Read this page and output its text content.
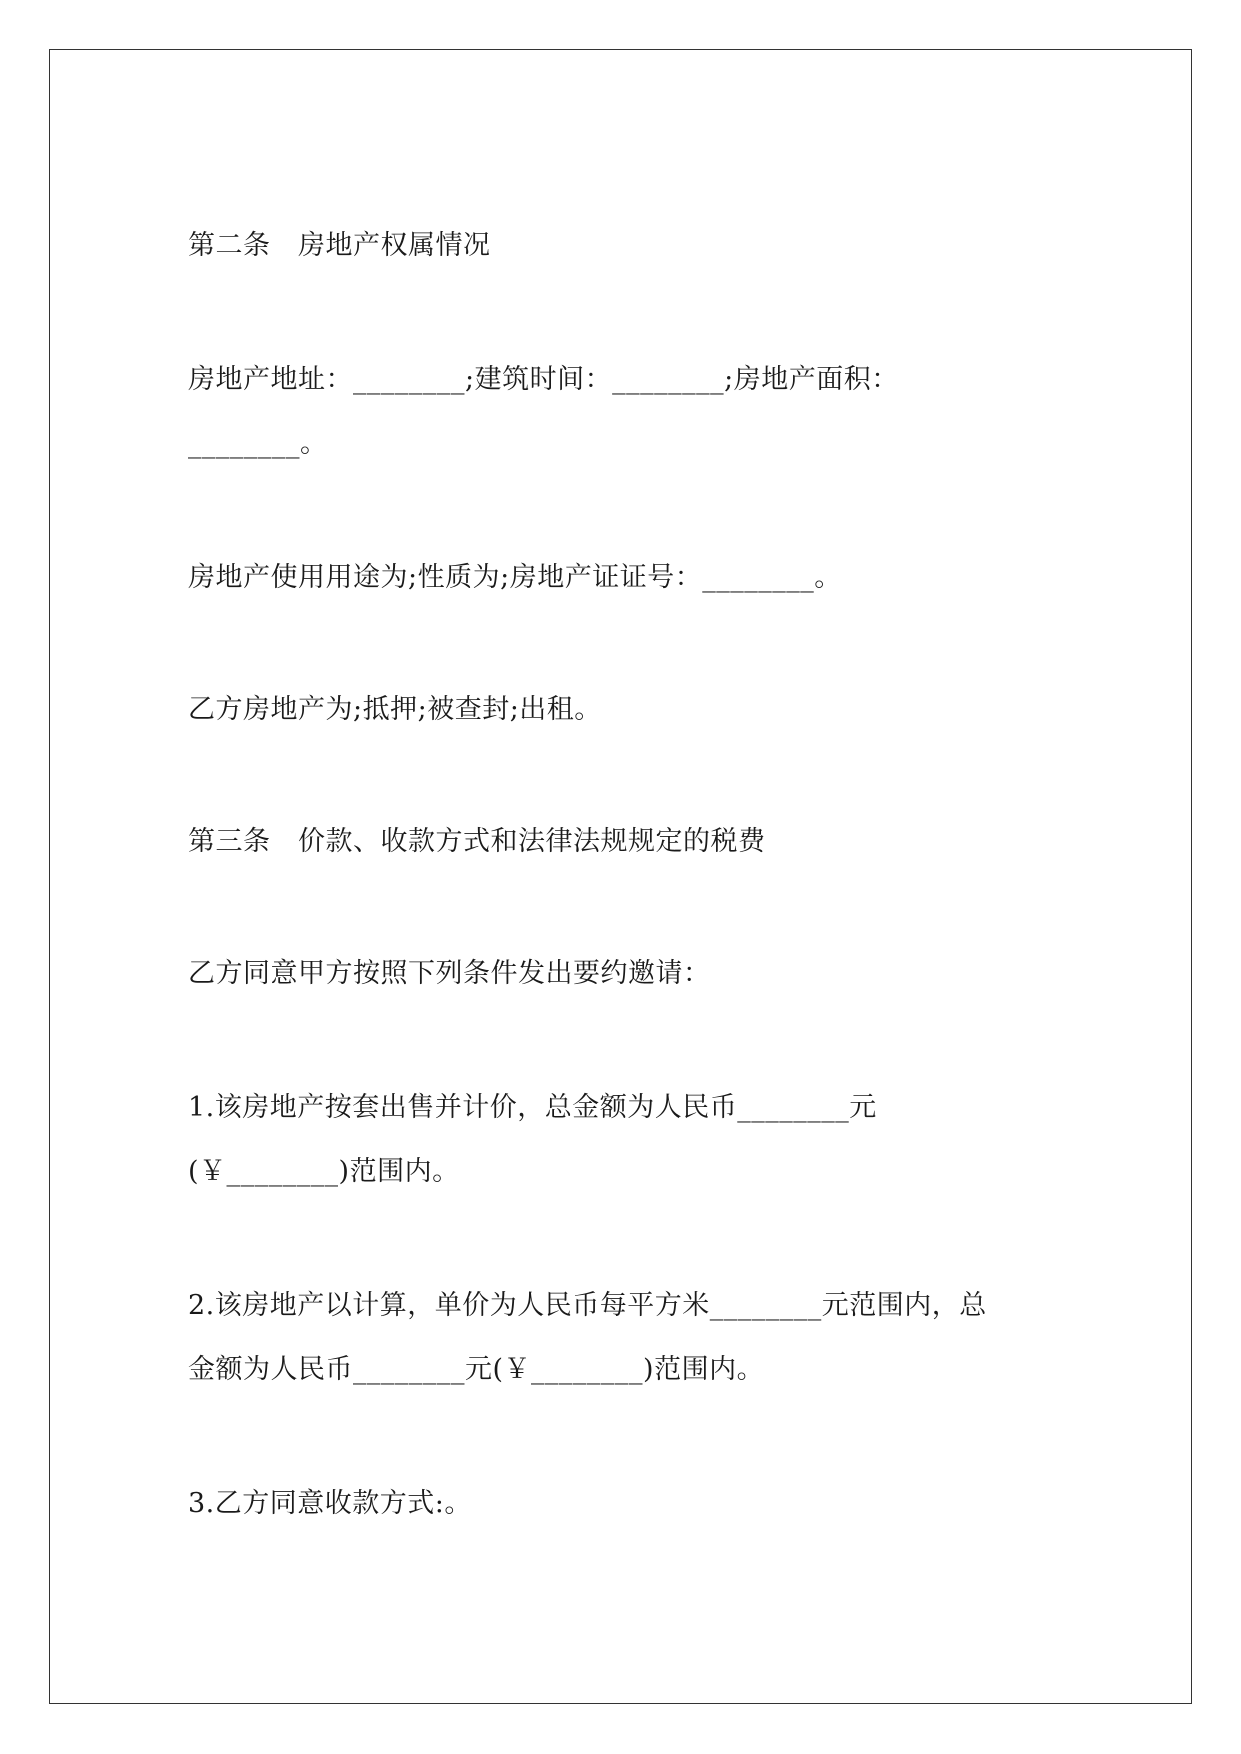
第二条　房地产权属情况
房地产地址：________;建筑时间：________;房地产面积：
________。
房地产使用用途为;性质为;房地产证证号：________。
乙方房地产为;抵押;被查封;出租。
第三条　价款、收款方式和法律法规规定的税费
乙方同意甲方按照下列条件发出要约邀请：
1.该房地产按套出售并计价，总金额为人民币________元
(￥________)范围内。
2.该房地产以计算，单价为人民币每平方米________元范围内，总
金额为人民币________元(￥________)范围内。
3.乙方同意收款方式:。
